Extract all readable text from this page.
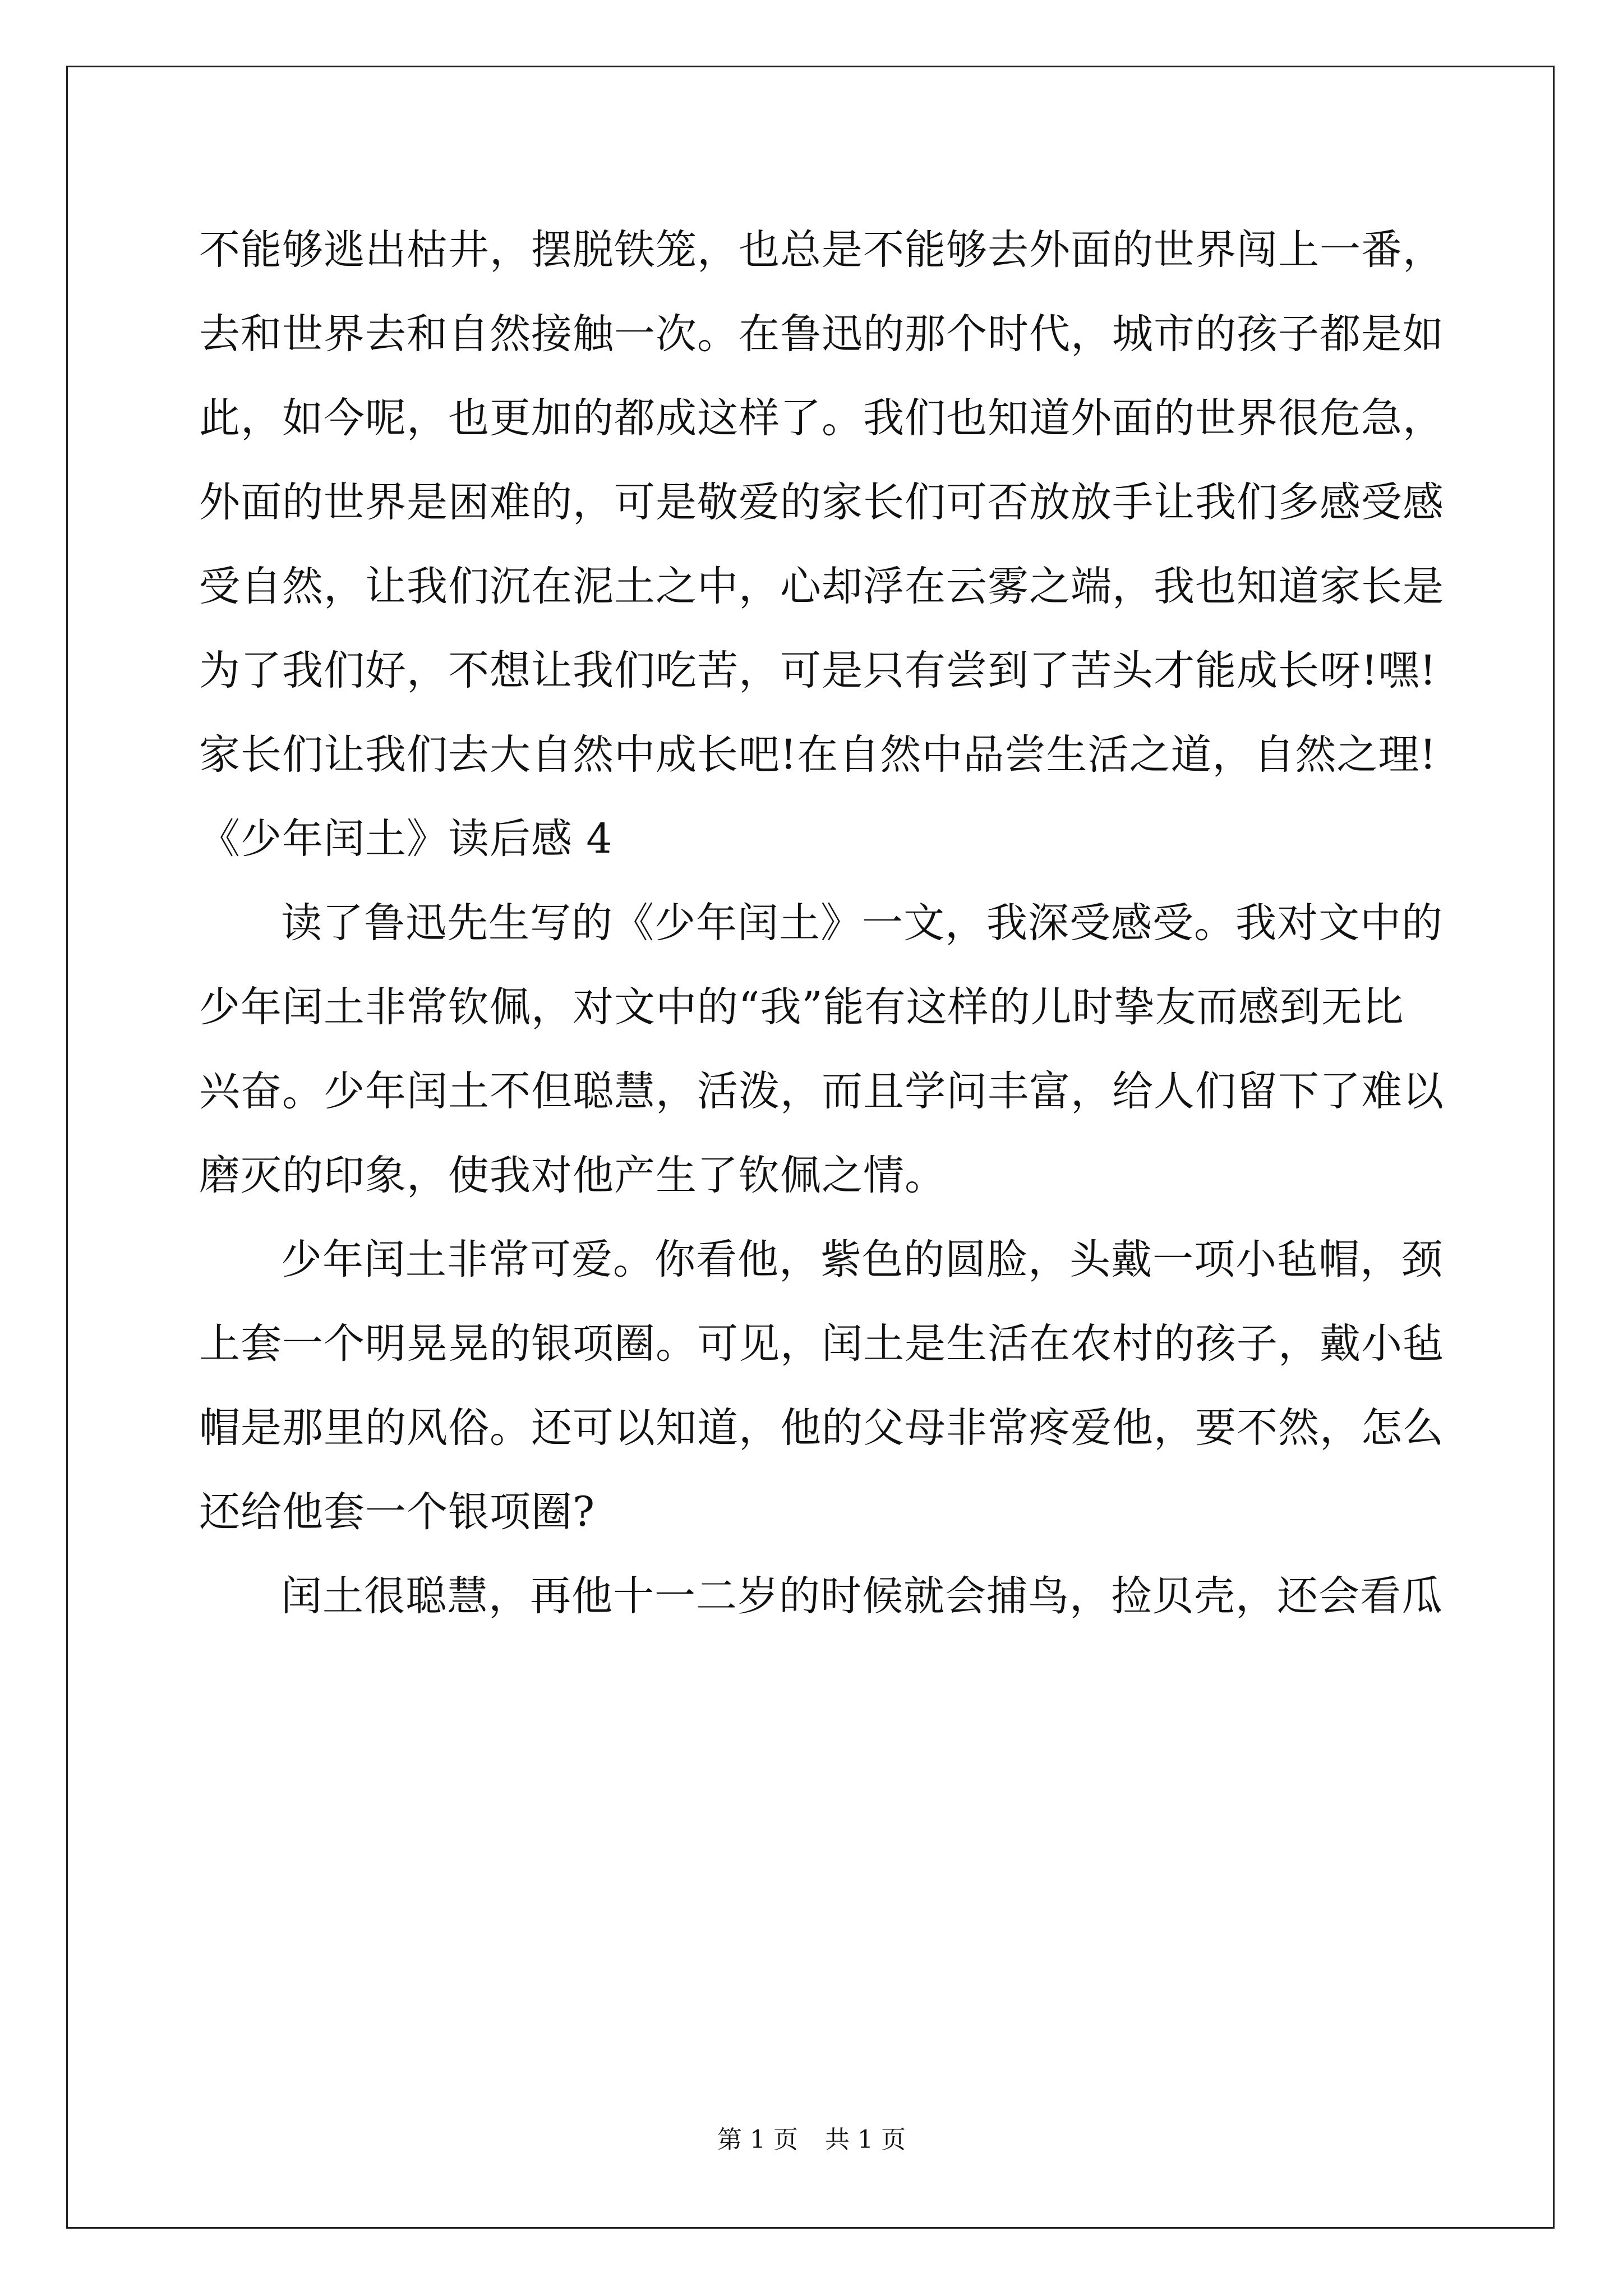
不能够逃出枯井，摆脱铁笼，也总是不能够去外面的世界闯上一番，
去和世界去和自然接触一次。在鲁迅的那个时代，城市的孩子都是如
此，如今呢，也更加的都成这样了。我们也知道外面的世界很危急，
外面的世界是困难的，可是敬爱的家长们可否放放手让我们多感受感
受自然，让我们沉在泥土之中，心却浮在云雾之端，我也知道家长是
为了我们好，不想让我们吃苦，可是只有尝到了苦头才能成长呀!嘿!
家长们让我们去大自然中成长吧!在自然中品尝生活之道，自然之理!
《少年闰土》读后感 4
读了鲁迅先生写的《少年闰土》一文，我深受感受。我对文中的
少年闰土非常钦佩，对文中的“我”能有这样的儿时挚友而感到无比
兴奋。少年闰土不但聪慧，活泼，而且学问丰富，给人们留下了难以
磨灭的印象，使我对他产生了钦佩之情。
少年闰土非常可爱。你看他，紫色的圆脸，头戴一项小毡帽，颈
上套一个明晃晃的银项圈。可见，闰土是生活在农村的孩子，戴小毡
帽是那里的风俗。还可以知道，他的父母非常疼爱他，要不然，怎么
还给他套一个银项圈?
闰土很聪慧，再他十一二岁的时候就会捕鸟，捡贝壳，还会看瓜
第 1 页 共 1 页
